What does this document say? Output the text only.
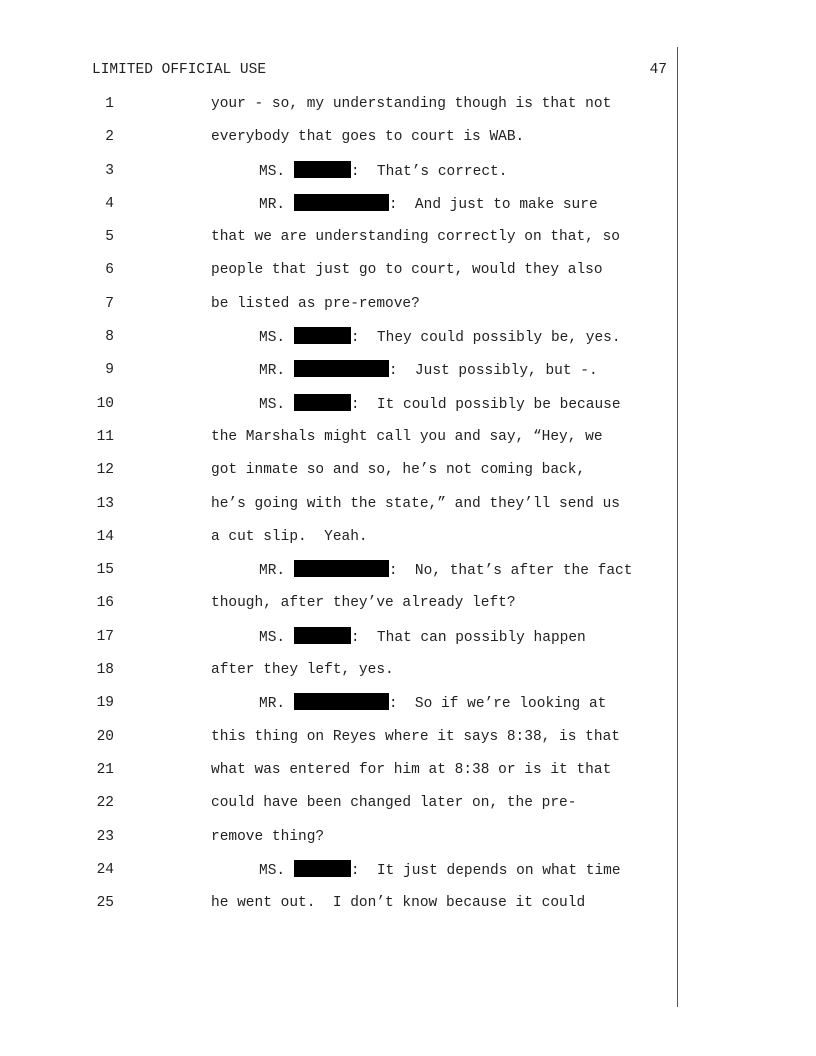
LIMITED OFFICIAL USE	47
1	your - so, my understanding though is that not
2	everybody that goes to court is WAB.
3	MS.	:  That’s correct.
4	MR.	:  And just to make sure
5	that we are understanding correctly on that, so
6	people that just go to court, would they also
7	be listed as pre-remove?
8	MS.	:  They could possibly be, yes.
9	MR.	:  Just possibly, but -.
10	MS.	:  It could possibly be because
11	the Marshals might call you and say, “Hey, we
12	got inmate so and so, he’s not coming back,
13	he’s going with the state,” and they’ll send us
14	a cut slip.  Yeah.
15	MR.	:  No, that’s after the fact
16	though, after they’ve already left?
17	MS.	:  That can possibly happen
18	after they left, yes.
19	MR.	:  So if we’re looking at
20	this thing on Reyes where it says 8:38, is that
21	what was entered for him at 8:38 or is it that
22	could have been changed later on, the pre-
23	remove thing?
24	MS.	:  It just depends on what time
25	he went out.  I don’t know because it could
